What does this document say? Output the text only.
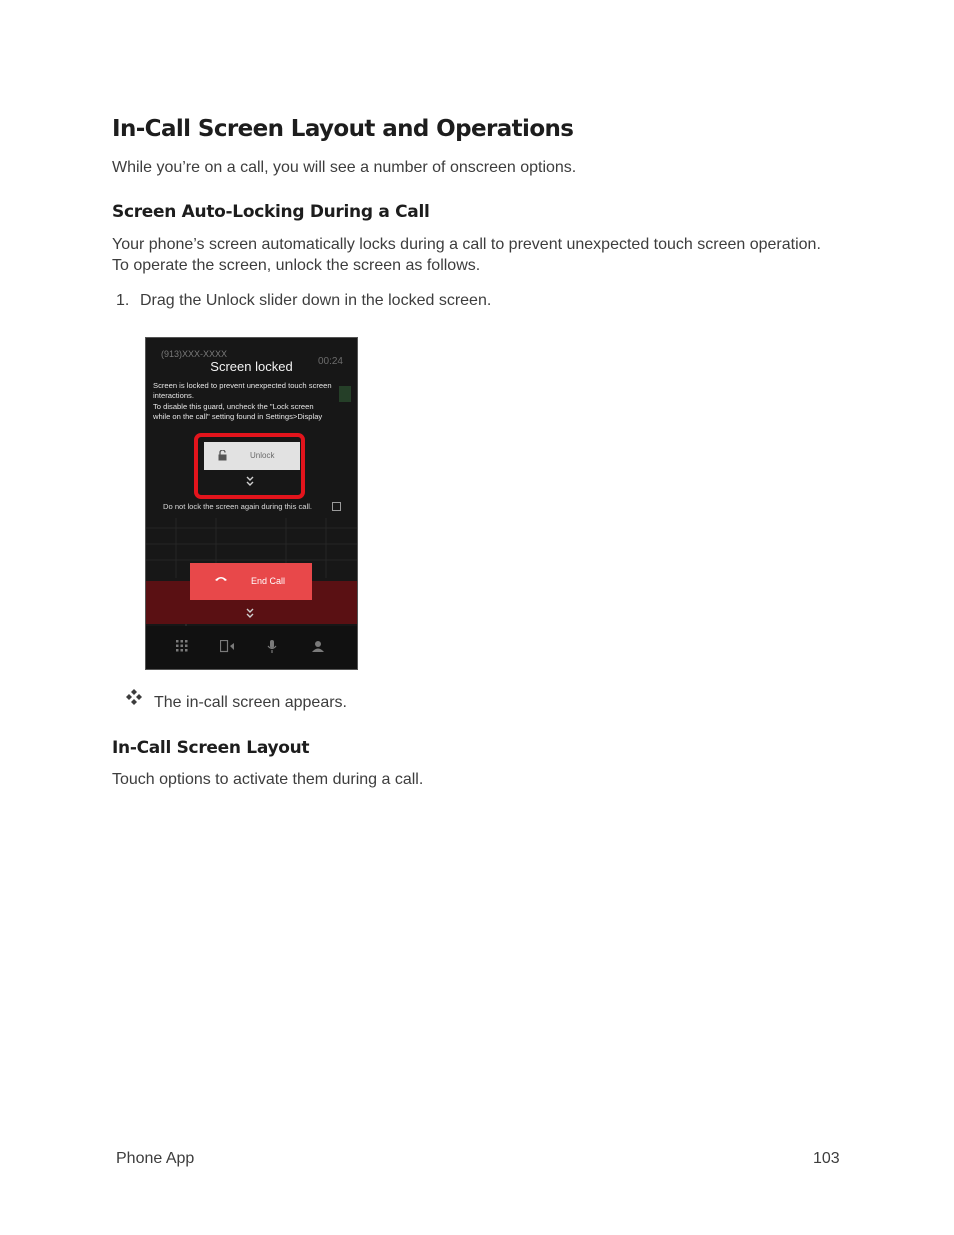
In-Call Screen Layout and Operations
While you’re on a call, you will see a number of onscreen options.
Screen Auto-Locking During a Call
Your phone’s screen automatically locks during a call to prevent unexpected touch screen operation.
To operate the screen, unlock the screen as follows.
1. Drag the Unlock slider down in the locked screen.
(913)XXX-XXXX
00:24
Screen locked
Screen is locked to prevent unexpected touch screen
interactions.
To disable this guard, uncheck the "Lock screen
while on the call" setting found in Settings>Display
Unlock
Do not lock the screen again during this call.
End Call
The in-call screen appears.
In-Call Screen Layout
Touch options to activate them during a call.
Phone App	103
